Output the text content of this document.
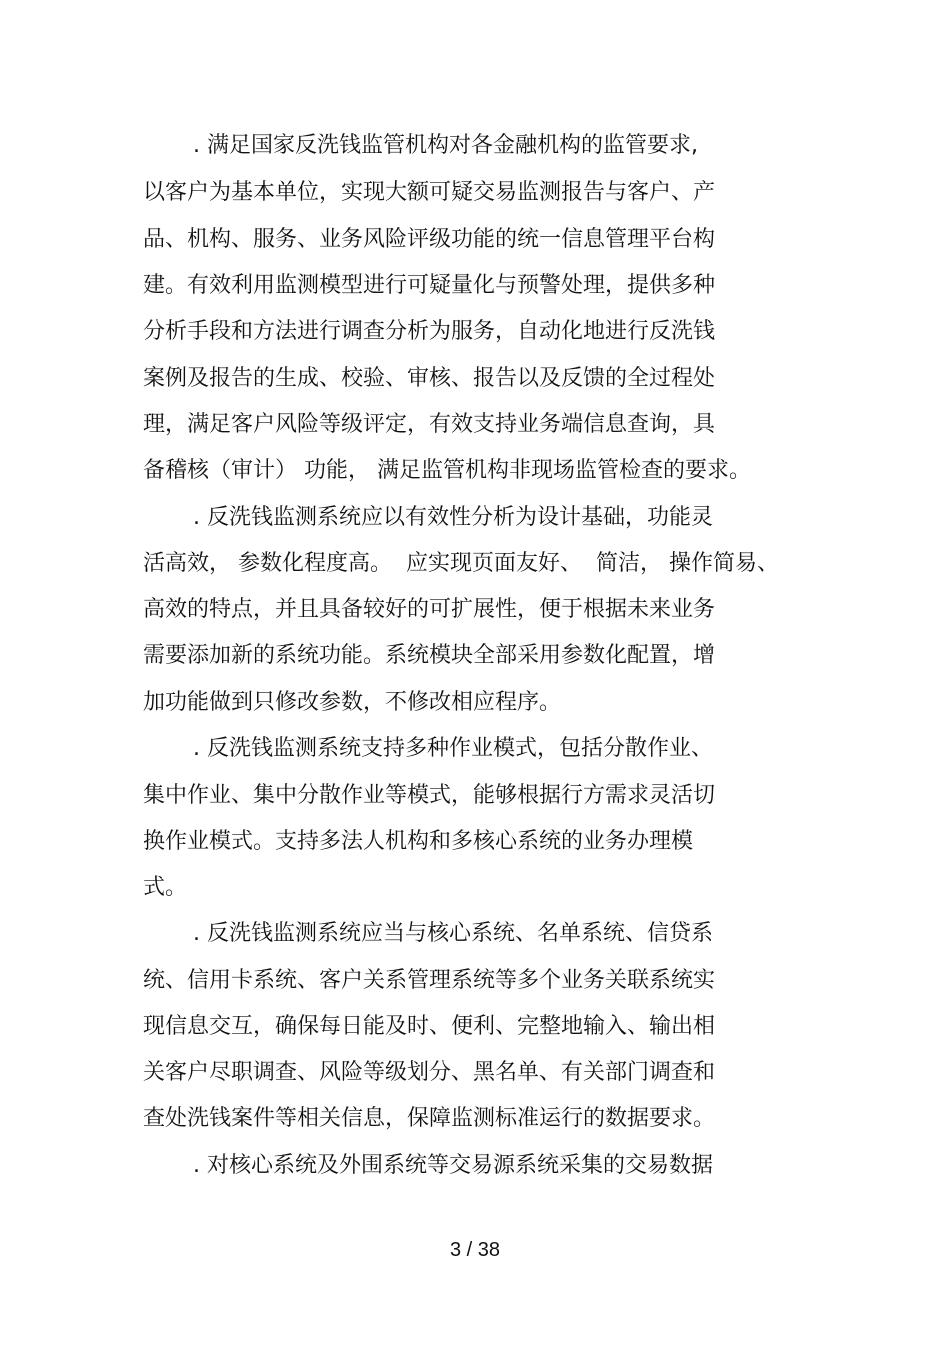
. 满足国家反洗钱监管机构对各金融机构的监管要求,
以客户为基本单位，实现大额可疑交易监测报告与客户、产
品、机构、服务、业务风险评级功能的统一信息管理平台构
建。有效利用监测模型进行可疑量化与预警处理，提供多种
分析手段和方法进行调查分析为服务，自动化地进行反洗钱
案例及报告的生成、校验、审核、报告以及反馈的全过程处
理，满足客户风险等级评定，有效支持业务端信息查询，具
备稽核（审计） 功能， 满足监管机构非现场监管检查的要求。
. 反洗钱监测系统应以有效性分析为设计基础，功能灵
活高效， 参数化程度高。  应实现页面友好、  简洁， 操作简易、
高效的特点，并且具备较好的可扩展性，便于根据未来业务
需要添加新的系统功能。系统模块全部采用参数化配置，增
加功能做到只修改参数，不修改相应程序。
. 反洗钱监测系统支持多种作业模式，包括分散作业、
集中作业、集中分散作业等模式，能够根据行方需求灵活切
换作业模式。支持多法人机构和多核心系统的业务办理模
式。
. 反洗钱监测系统应当与核心系统、名单系统、信贷系
统、信用卡系统、客户关系管理系统等多个业务关联系统实
现信息交互，确保每日能及时、便利、完整地输入、输出相
关客户尽职调查、风险等级划分、黑名单、有关部门调查和
查处洗钱案件等相关信息，保障监测标准运行的数据要求。
. 对核心系统及外围系统等交易源系统采集的交易数据
3 / 38
